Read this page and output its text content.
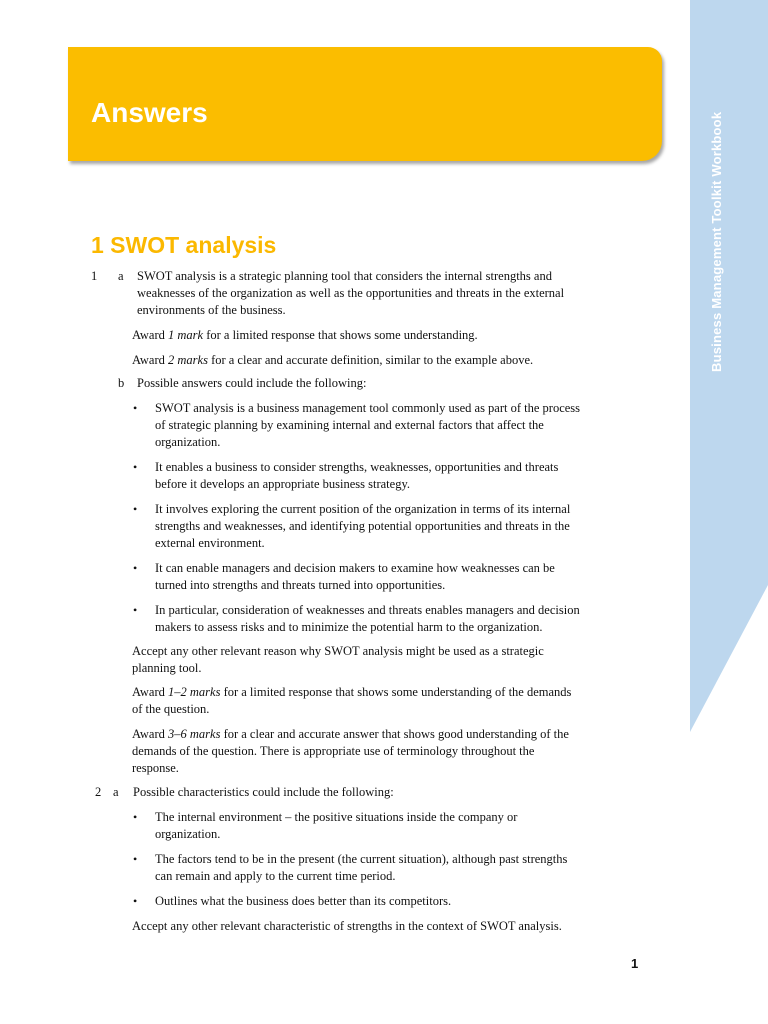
Business Management Toolkit Workbook
Answers
1 SWOT analysis
1 a SWOT analysis is a strategic planning tool that considers the internal strengths and
weaknesses of the organization as well as the opportunities and threats in the external
environments of the business.
Award 1 mark for a limited response that shows some understanding.
Award 2 marks for a clear and accurate definition, similar to the example above.
b Possible answers could include the following:
• SWOT analysis is a business management tool commonly used as part of the process
of strategic planning by examining internal and external factors that affect the
organization.
• It enables a business to consider strengths, weaknesses, opportunities and threats
before it develops an appropriate business strategy.
• It involves exploring the current position of the organization in terms of its internal
strengths and weaknesses, and identifying potential opportunities and threats in the
external environment.
• It can enable managers and decision makers to examine how weaknesses can be
turned into strengths and threats turned into opportunities.
• In particular, consideration of weaknesses and threats enables managers and decision
makers to assess risks and to minimize the potential harm to the organization.
Accept any other relevant reason why SWOT analysis might be used as a strategic
planning tool.
Award 1–2 marks for a limited response that shows some understanding of the demands
of the question.
Award 3–6 marks for a clear and accurate answer that shows good understanding of the
demands of the question. There is appropriate use of terminology throughout the
response.
2 a Possible characteristics could include the following:
• The internal environment – the positive situations inside the company or
organization.
• The factors tend to be in the present (the current situation), although past strengths
can remain and apply to the current time period.
• Outlines what the business does better than its competitors.
Accept any other relevant characteristic of strengths in the context of SWOT analysis.
1
